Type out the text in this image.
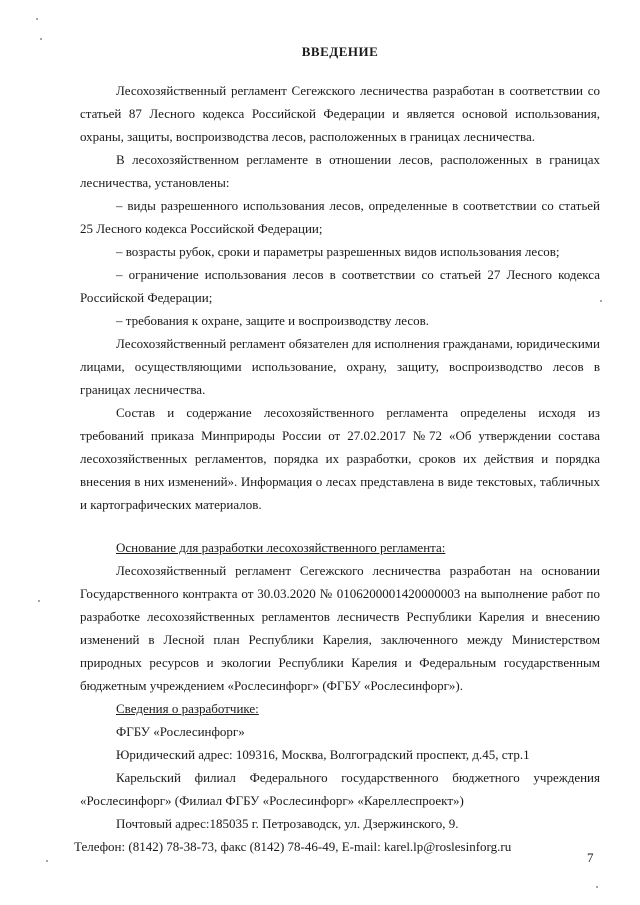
ВВЕДЕНИЕ

Лесохозяйственный регламент Сегежского лесничества разработан в соответствии со статьей 87 Лесного кодекса Российской Федерации и является основой использования, охраны, защиты, воспроизводства лесов, расположенных в границах лесничества.

В лесохозяйственном регламенте в отношении лесов, расположенных в границах лесничества, установлены:

– виды разрешенного использования лесов, определенные в соответствии со статьей 25 Лесного кодекса Российской Федерации;

– возрасты рубок, сроки и параметры разрешенных видов использования лесов;

– ограничение использования лесов в соответствии со статьей 27 Лесного кодекса Российской Федерации;

– требования к охране, защите и воспроизводству лесов.

Лесохозяйственный регламент обязателен для исполнения гражданами, юридическими лицами, осуществляющими использование, охрану, защиту, воспроизводство лесов в границах лесничества.

Состав и содержание лесохозяйственного регламента определены исходя из требований приказа Минприроды России от 27.02.2017 №72 «Об утверждении состава лесохозяйственных регламентов, порядка их разработки, сроков их действия и порядка внесения в них изменений». Информация о лесах представлена в виде текстовых, табличных и картографических материалов.

Основание для разработки лесохозяйственного регламента:

Лесохозяйственный регламент Сегежского лесничества разработан на основании Государственного контракта от 30.03.2020 № 0106200001420000003 на выполнение работ по разработке лесохозяйственных регламентов лесничеств Республики Карелия и внесению изменений в Лесной план Республики Карелия, заключенного между Министерством природных ресурсов и экологии Республики Карелия и Федеральным государственным бюджетным учреждением «Рослесинфорг» (ФГБУ «Рослесинфорг»).

Сведения о разработчике:

ФГБУ «Рослесинфорг»

Юридический адрес: 109316, Москва, Волгоградский проспект, д.45, стр.1

Карельский филиал Федерального государственного бюджетного учреждения «Рослесинфорг» (Филиал ФГБУ «Рослесинфорг» «Кареллеспроект»)

Почтовый адрес:185035 г. Петрозаводск, ул. Дзержинского, 9.

Телефон: (8142) 78-38-73, факс (8142) 78-46-49, E-mail: karel.lp@roslesinforg.ru

7
